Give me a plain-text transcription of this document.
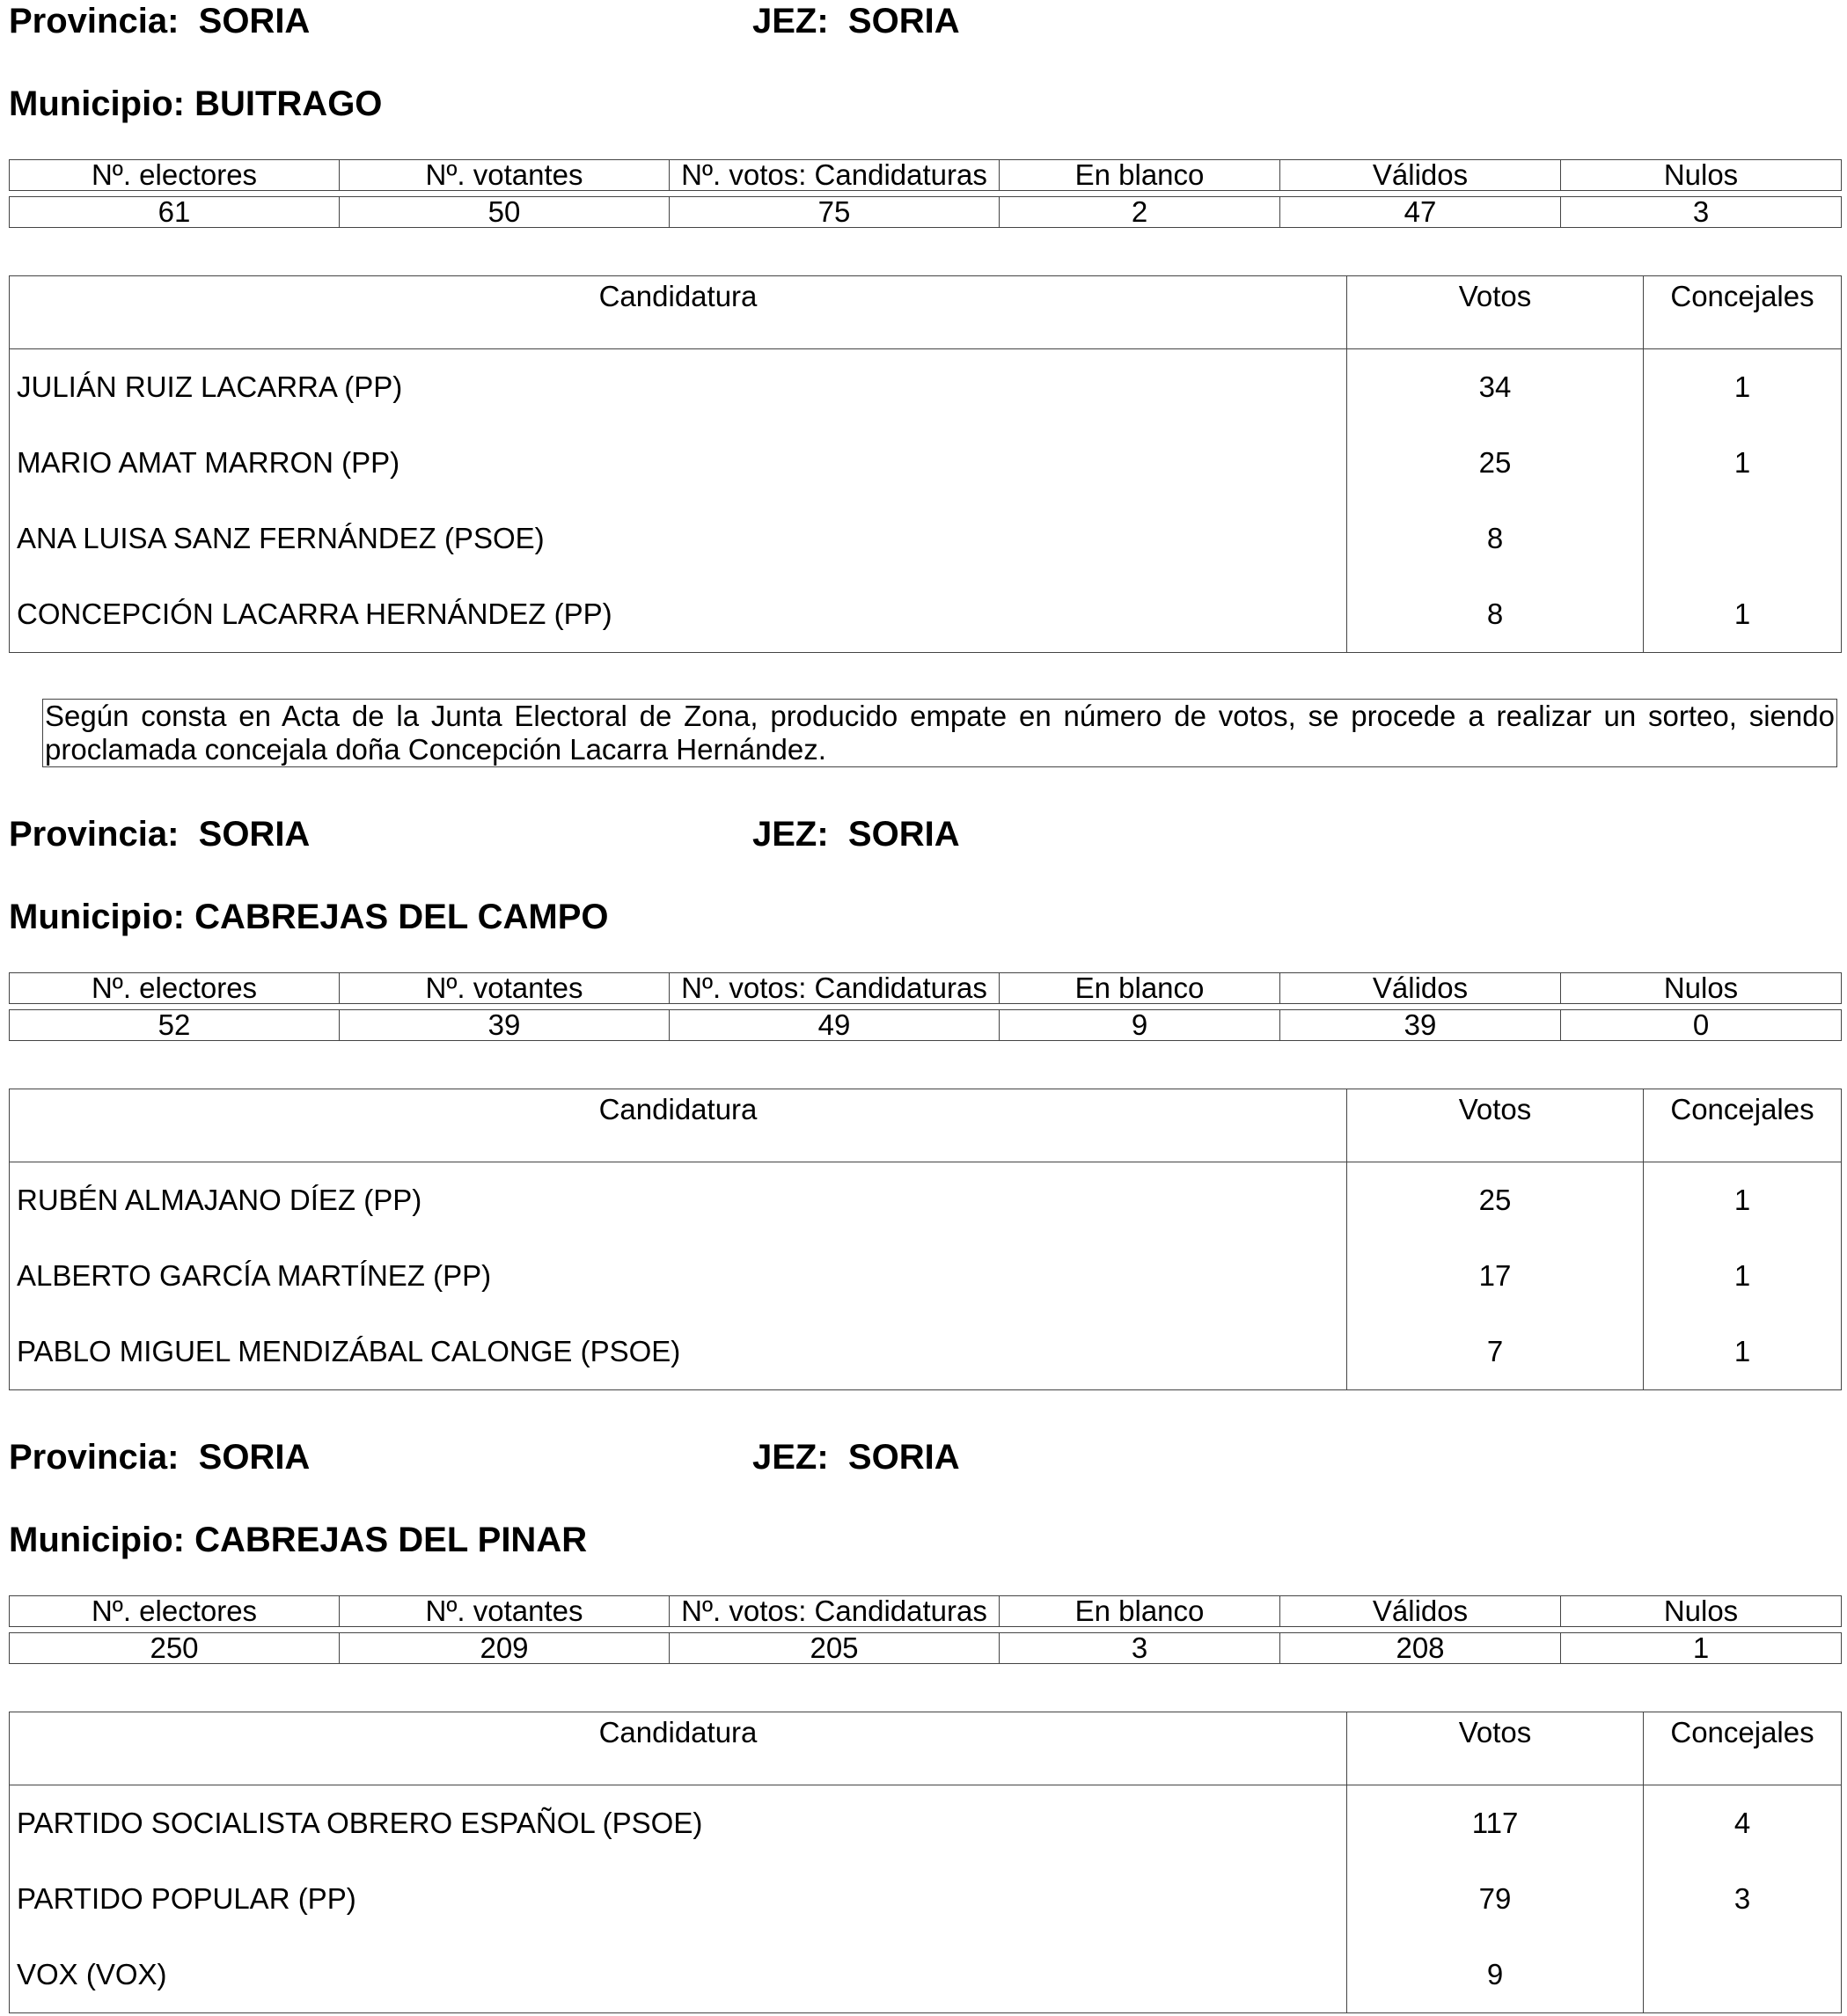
Provincia: SORIA	JEZ: SORIA
Municipio: BUITRAGO
Nº. electores	Nº. votantes	Nº. votos: Candidaturas	En blanco	Válidos	Nulos

61	50	75	2	47	3
Candidatura	Votos	Concejales
JULIÁN RUIZ LACARRA (PP)	34	1
MARIO AMAT MARRON (PP)	25	1
ANA LUISA SANZ FERNÁNDEZ (PSOE)	8	
CONCEPCIÓN LACARRA HERNÁNDEZ (PP)	8	1
Según consta en Acta de la Junta Electoral de Zona, producido empate en número de votos, se procede a realizar un sorteo, siendo proclamada concejala doña Concepción Lacarra Hernández.
Provincia: SORIA	JEZ: SORIA
Municipio: CABREJAS DEL CAMPO
Nº. electores	Nº. votantes	Nº. votos: Candidaturas	En blanco	Válidos	Nulos

52	39	49	9	39	0
Candidatura	Votos	Concejales
RUBÉN ALMAJANO DÍEZ (PP)	25	1
ALBERTO GARCÍA MARTÍNEZ (PP)	17	1
PABLO MIGUEL MENDIZÁBAL CALONGE (PSOE)	7	1
Provincia: SORIA	JEZ: SORIA
Municipio: CABREJAS DEL PINAR
Nº. electores	Nº. votantes	Nº. votos: Candidaturas	En blanco	Válidos	Nulos

250	209	205	3	208	1
Candidatura	Votos	Concejales
PARTIDO SOCIALISTA OBRERO ESPAÑOL (PSOE)	117	4
PARTIDO POPULAR (PP)	79	3
VOX (VOX)	9	
